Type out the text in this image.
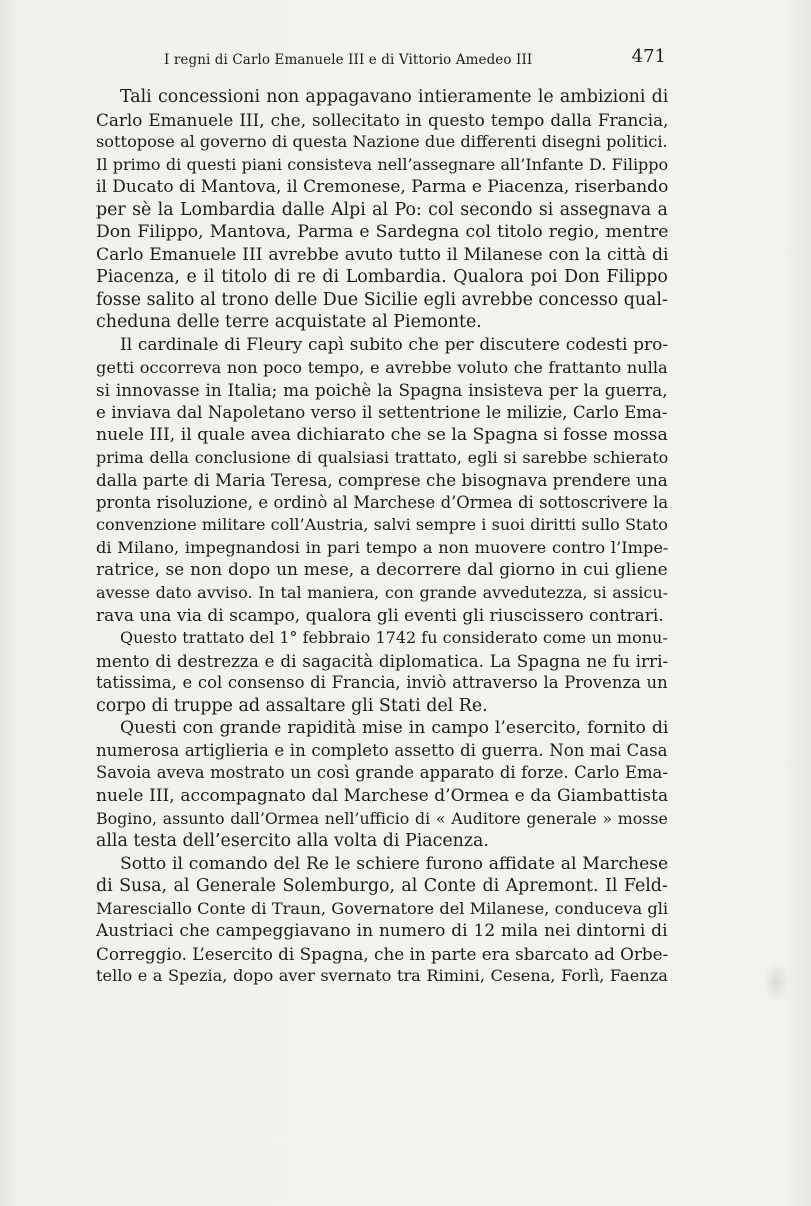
I regni di Carlo Emanuele III e di Vittorio Amedeo III	471
Tali concessioni non appagavano intieramente le ambizioni di
Carlo Emanuele III, che, sollecitato in questo tempo dalla Francia,
sottopose al governo di questa Nazione due differenti disegni politici.
Il primo di questi piani consisteva nell’assegnare all’Infante D. Filippo
il Ducato di Mantova, il Cremonese, Parma e Piacenza, riserbando
per sè la Lombardia dalle Alpi al Po: col secondo si assegnava a
Don Filippo, Mantova, Parma e Sardegna col titolo regio, mentre
Carlo Emanuele III avrebbe avuto tutto il Milanese con la città di
Piacenza, e il titolo di re di Lombardia. Qualora poi Don Filippo
fosse salito al trono delle Due Sicilie egli avrebbe concesso qual-
cheduna delle terre acquistate al Piemonte.
Il cardinale di Fleury capì subito che per discutere codesti pro-
getti occorreva non poco tempo, e avrebbe voluto che frattanto nulla
si innovasse in Italia; ma poichè la Spagna insisteva per la guerra,
e inviava dal Napoletano verso il settentrione le milizie, Carlo Ema-
nuele III, il quale avea dichiarato che se la Spagna si fosse mossa
prima della conclusione di qualsiasi trattato, egli si sarebbe schierato
dalla parte di Maria Teresa, comprese che bisognava prendere una
pronta risoluzione, e ordinò al Marchese d’Ormea di sottoscrivere la
convenzione militare coll’Austria, salvi sempre i suoi diritti sullo Stato
di Milano, impegnandosi in pari tempo a non muovere contro l’Impe-
ratrice, se non dopo un mese, a decorrere dal giorno in cui gliene
avesse dato avviso. In tal maniera, con grande avvedutezza, si assicu-
rava una via di scampo, qualora gli eventi gli riuscissero contrari.
Questo trattato del 1° febbraio 1742 fu considerato come un monu-
mento di destrezza e di sagacità diplomatica. La Spagna ne fu irri-
tatissima, e col consenso di Francia, inviò attraverso la Provenza un
corpo di truppe ad assaltare gli Stati del Re.
Questi con grande rapidità mise in campo l’esercito, fornito di
numerosa artiglieria e in completo assetto di guerra. Non mai Casa
Savoia aveva mostrato un così grande apparato di forze. Carlo Ema-
nuele III, accompagnato dal Marchese d’Ormea e da Giambattista
Bogino, assunto dall’Ormea nell’ufficio di « Auditore generale » mosse
alla testa dell’esercito alla volta di Piacenza.
Sotto il comando del Re le schiere furono affidate al Marchese
di Susa, al Generale Solemburgo, al Conte di Apremont. Il Feld-
Maresciallo Conte di Traun, Governatore del Milanese, conduceva gli
Austriaci che campeggiavano in numero di 12 mila nei dintorni di
Correggio. L’esercito di Spagna, che in parte era sbarcato ad Orbe-
tello e a Spezia, dopo aver svernato tra Rimini, Cesena, Forlì, Faenza
